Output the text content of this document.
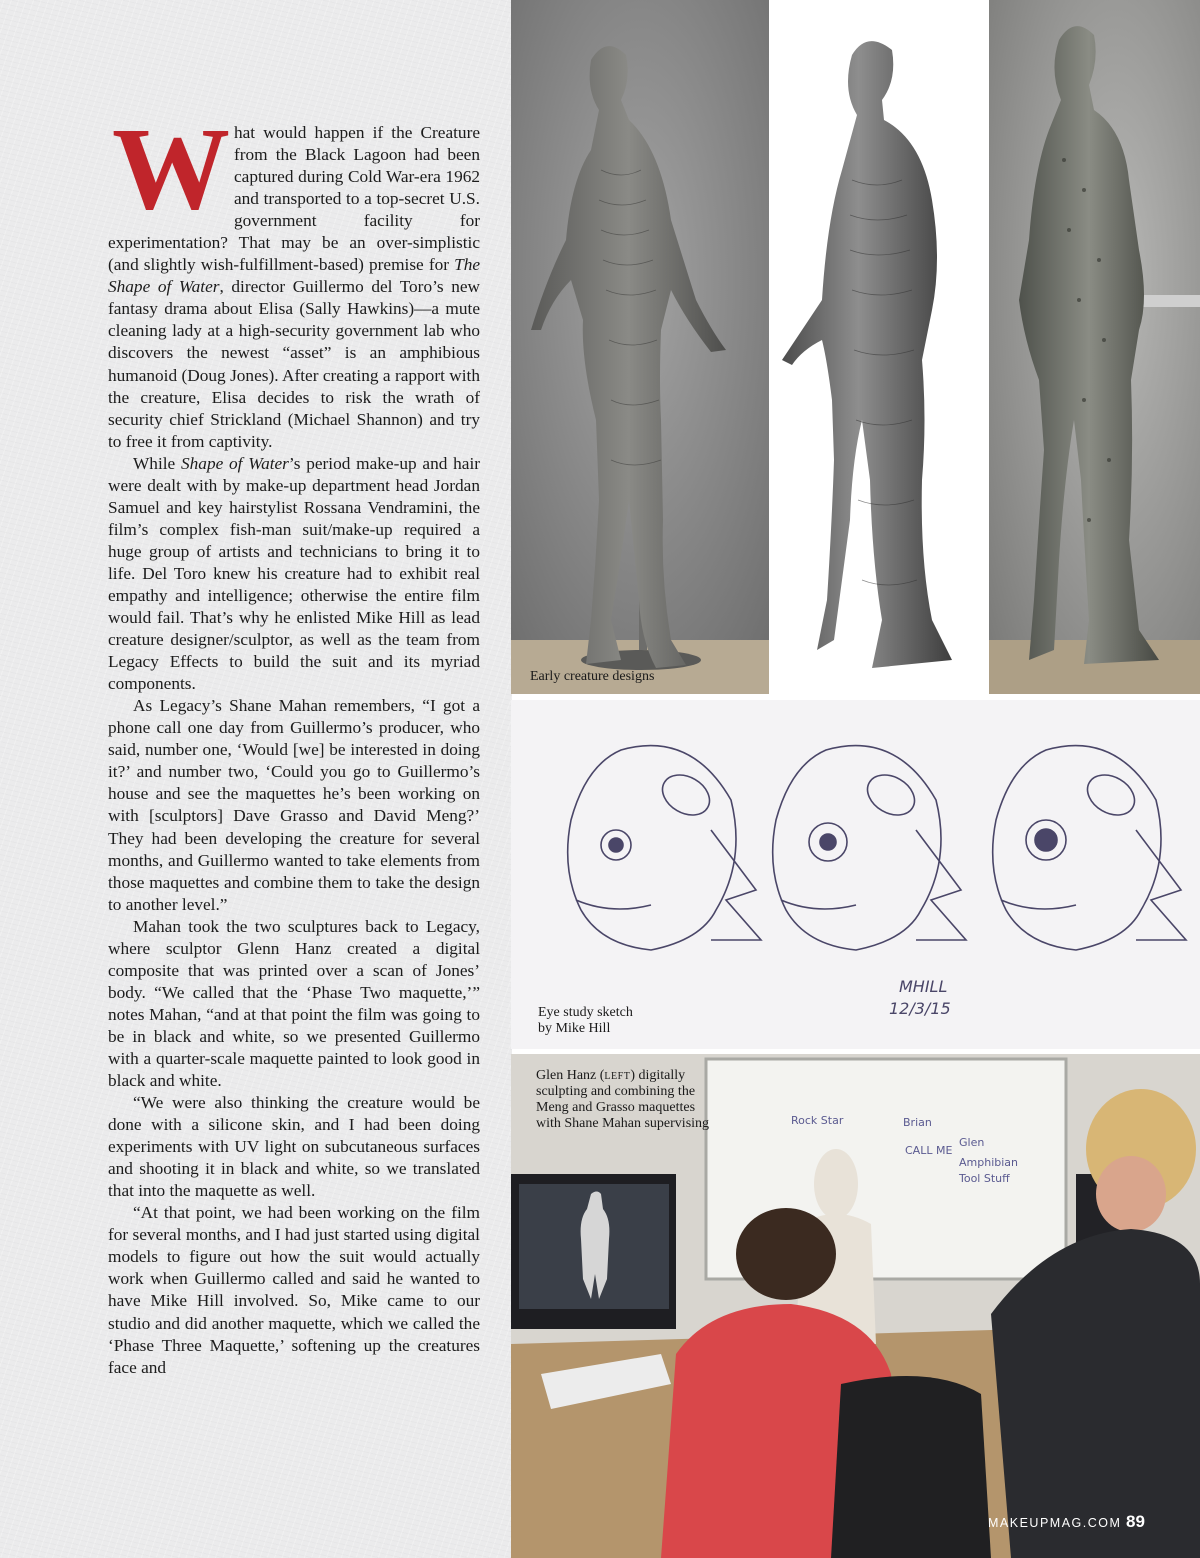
W hat would happen if the Creature from the Black Lagoon had been captured during Cold War-era 1962 and transported to a top-secret U.S. government facility for experimentation? That may be an over-simplistic (and slightly wish-fulfillment-based) premise for The Shape of Water, director Guillermo del Toro’s new fantasy drama about Elisa (Sally Hawkins)—a mute cleaning lady at a high-security government lab who discovers the newest “asset” is an amphibious humanoid (Doug Jones). After creating a rapport with the creature, Elisa decides to risk the wrath of security chief Strickland (Michael Shannon) and try to free it from captivity.

While Shape of Water’s period make-up and hair were dealt with by make-up department head Jordan Samuel and key hairstylist Rossana Vendramini, the film’s complex fish-man suit/make-up required a huge group of artists and technicians to bring it to life. Del Toro knew his creature had to exhibit real empathy and intelligence; otherwise the entire film would fail. That’s why he enlisted Mike Hill as lead creature designer/sculptor, as well as the team from Legacy Effects to build the suit and its myriad components.

As Legacy’s Shane Mahan remembers, “I got a phone call one day from Guillermo’s producer, who said, number one, ‘Would [we] be interested in doing it?’ and number two, ‘Could you go to Guillermo’s house and see the maquettes he’s been working on with [sculptors] Dave Grasso and David Meng?’ They had been developing the creature for several months, and Guillermo wanted to take elements from those maquettes and combine them to take the design to another level.”

Mahan took the two sculptures back to Legacy, where sculptor Glenn Hanz created a digital composite that was printed over a scan of Jones’ body. “We called that the ‘Phase Two maquette,’” notes Mahan, “and at that point the film was going to be in black and white, so we presented Guillermo with a quarter-scale maquette painted to look good in black and white.

“We were also thinking the creature would be done with a silicone skin, and I had been doing experiments with UV light on subcutaneous surfaces and shooting it in black and white, so we translated that into the maquette as well.

“At that point, we had been working on the film for several months, and I had just started using digital models to figure out how the suit would actually work when Guillermo called and said he wanted to have Mike Hill involved. So, Mike came to our studio and did another maquette, which we called the ‘Phase Three Maquette,’ softening up the creatures face and

Early creature designs
MHILL
12/3/15
Eye study sketch
by Mike Hill
Rock Star	Brian
CALL ME
Glen
Amphibian
Tool Stuff
Glen Hanz (left) digitally sculpting and combining the Meng and Grasso maquettes with Shane Mahan supervising
MAKEUPMAG.COM 89
